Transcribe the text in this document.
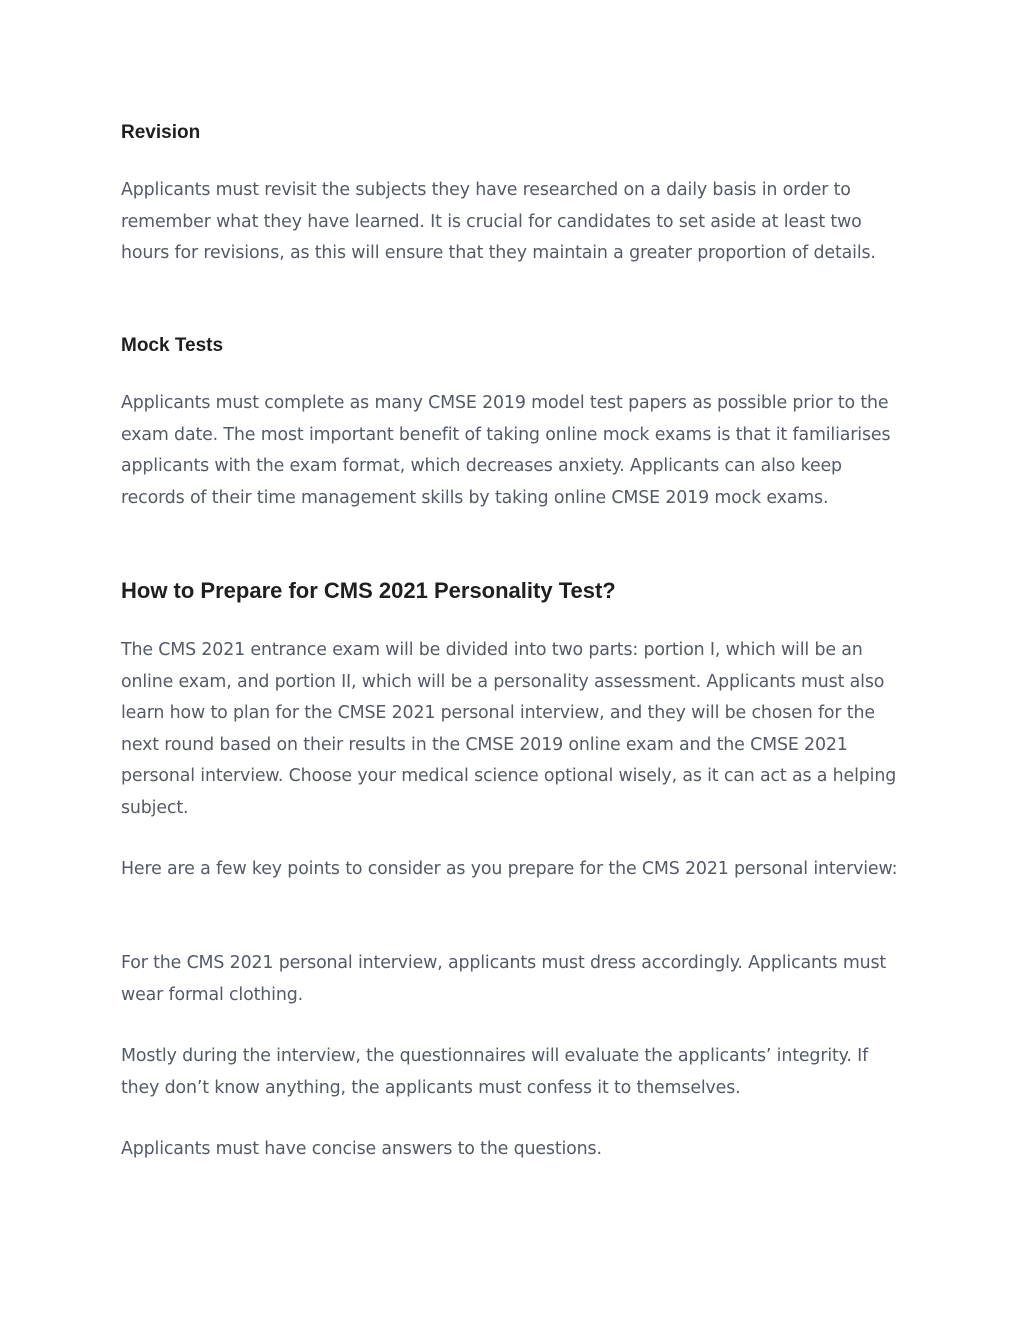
Revision

Applicants must revisit the subjects they have researched on a daily basis in order to remember what they have learned. It is crucial for candidates to set aside at least two hours for revisions, as this will ensure that they maintain a greater proportion of details.

Mock Tests

Applicants must complete as many CMSE 2019 model test papers as possible prior to the exam date. The most important benefit of taking online mock exams is that it familiarises applicants with the exam format, which decreases anxiety. Applicants can also keep records of their time management skills by taking online CMSE 2019 mock exams.

How to Prepare for CMS 2021 Personality Test?

The CMS 2021 entrance exam will be divided into two parts: portion I, which will be an online exam, and portion II, which will be a personality assessment. Applicants must also learn how to plan for the CMSE 2021 personal interview, and they will be chosen for the next round based on their results in the CMSE 2019 online exam and the CMSE 2021 personal interview. Choose your medical science optional wisely, as it can act as a helping subject.

Here are a few key points to consider as you prepare for the CMS 2021 personal interview:

For the CMS 2021 personal interview, applicants must dress accordingly. Applicants must wear formal clothing.

Mostly during the interview, the questionnaires will evaluate the applicants’ integrity. If they don’t know anything, the applicants must confess it to themselves.

Applicants must have concise answers to the questions.
